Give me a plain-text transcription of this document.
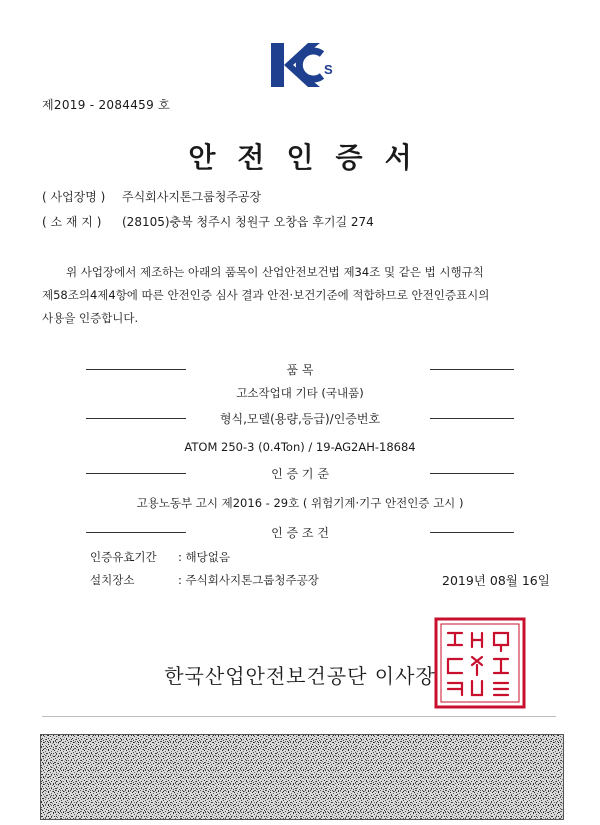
S
제2019 - 2084459 호
안전인증서
( 사업장명 )	주식회사지톤그룹청주공장
( 소 재 지 )	(28105)충북 청주시 청원구 오창읍 후기길 274
위 사업장에서 제조하는 아래의 품목이 산업안전보건법 제34조 및 같은 법 시행규칙
제58조의4제4항에 따른 안전인증 심사 결과 안전·보건기준에 적합하므로 안전인증표시의
사용을 인증합니다.
품 목
고소작업대 기타 (국내품)
형식,모델(용량,등급)/인증번호
ATOM 250-3 (0.4Ton) / 19-AG2AH-18684
인 증 기 준
고용노동부 고시 제2016 - 29호 ( 위험기계·기구 안전인증 고시 )
인 증 조 건
인증유효기간	: 해당없음
설치장소	: 주식회사지톤그룹청주공장	2019년 08월 16일
한국산업안전보건공단 이사장
